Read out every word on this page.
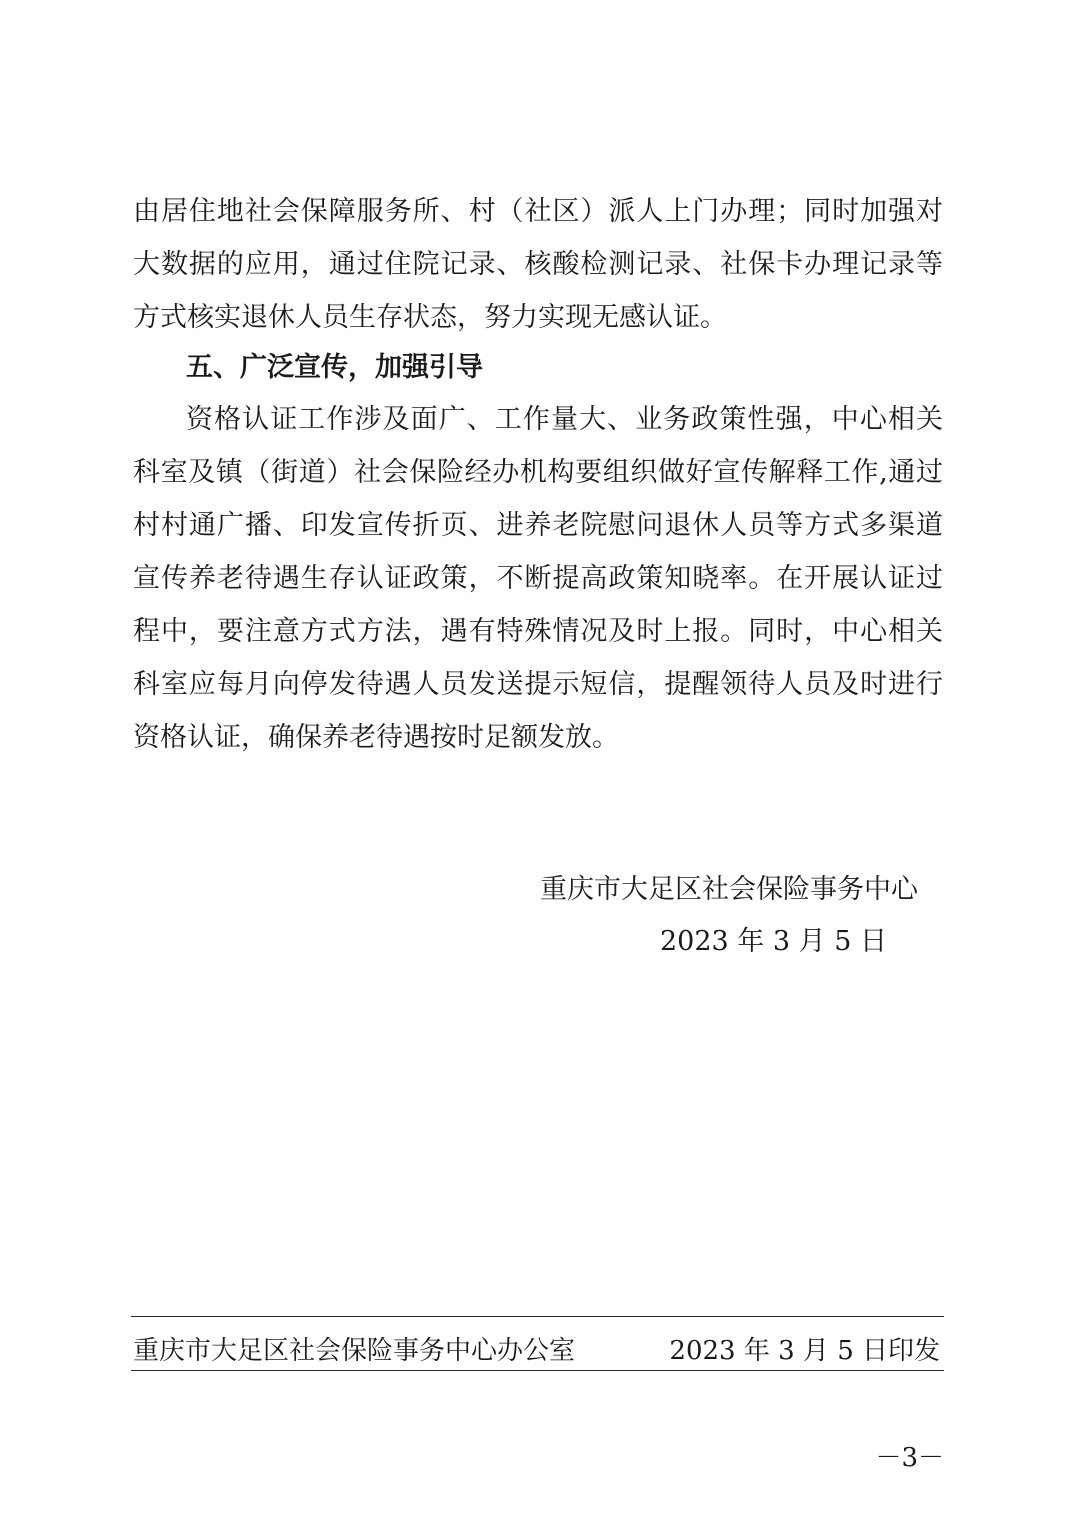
由居住地社会保障服务所、村（社区）派人上门办理；同时加强对
大数据的应用，通过住院记录、核酸检测记录、社保卡办理记录等
方式核实退休人员生存状态，努力实现无感认证。
五、广泛宣传，加强引导
资格认证工作涉及面广、工作量大、业务政策性强，中心相关
科室及镇（街道）社会保险经办机构要组织做好宣传解释工作,通过
村村通广播、印发宣传折页、进养老院慰问退休人员等方式多渠道
宣传养老待遇生存认证政策，不断提高政策知晓率。在开展认证过
程中，要注意方式方法，遇有特殊情况及时上报。同时，中心相关
科室应每月向停发待遇人员发送提示短信，提醒领待人员及时进行
资格认证，确保养老待遇按时足额发放。
重庆市大足区社会保险事务中心
2023 年 3 月 5 日
重庆市大足区社会保险事务中心办公室	2023 年 3 月 5 日印发
－3－
